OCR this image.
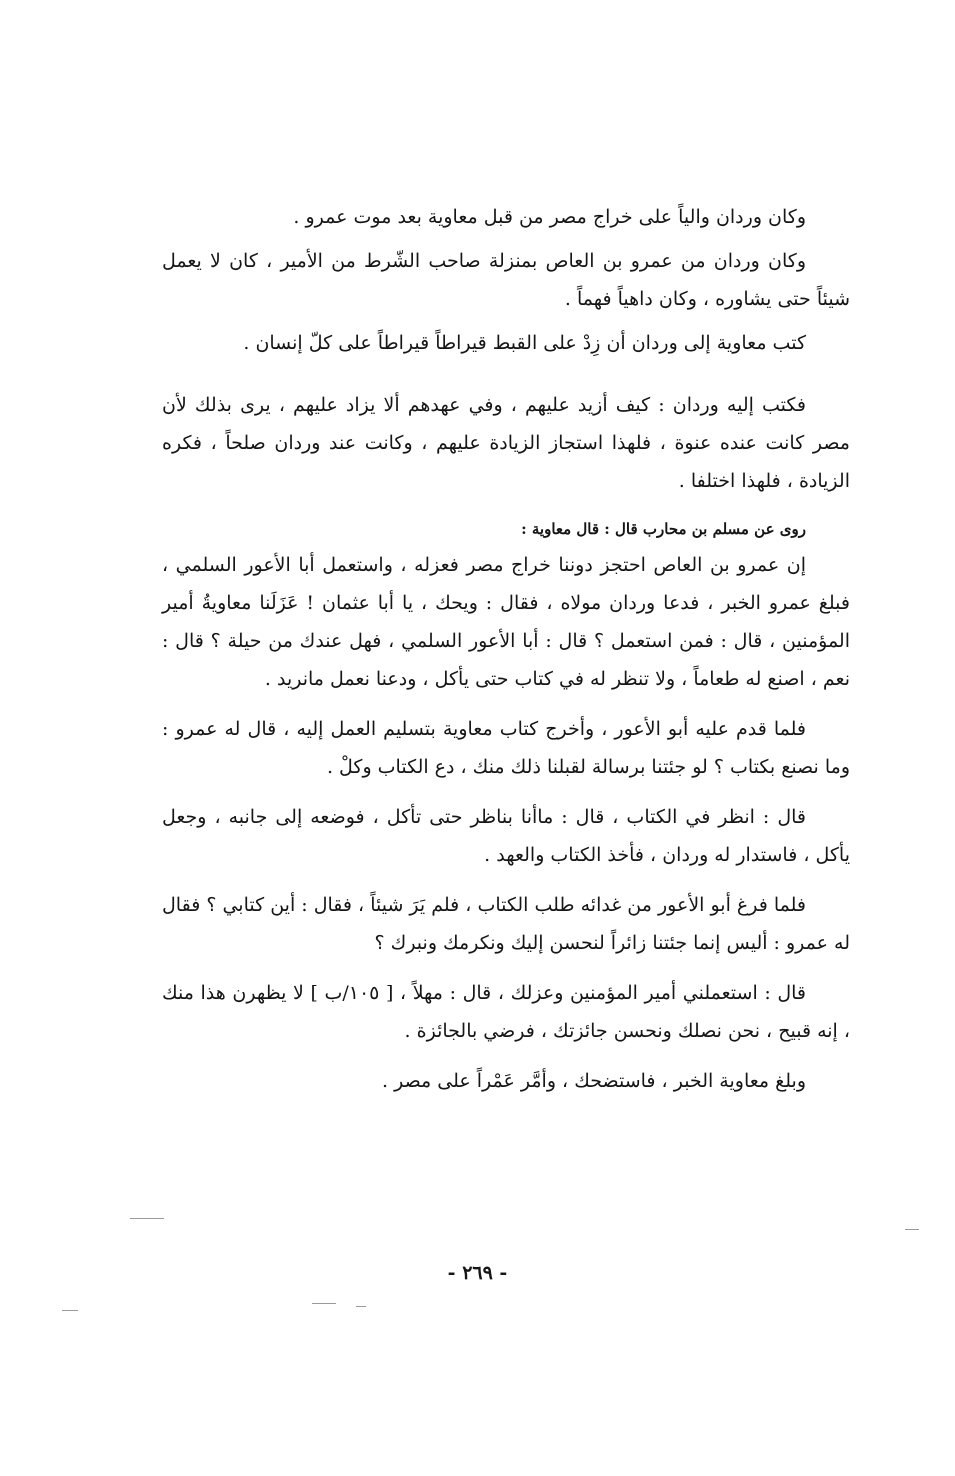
وكان وردان والياً على خراج مصر من قبل معاوية بعد موت عمرو .

وكان وردان من عمرو بن العاص بمنزلة صاحب الشّرط من الأمير ، كان لا يعمل شيئاً حتى يشاوره ، وكان داهياً فهماً .

كتب معاوية إلى وردان أن زِدْ على القبط قيراطاً قيراطاً على كلّ إنسان .

فكتب إليه وردان : كيف أزيد عليهم ، وفي عهدهم ألا يزاد عليهم ، يرى بذلك لأن مصر كانت عنده عنوة ، فلهذا استجاز الزيادة عليهم ، وكانت عند وردان صلحاً ، فكره الزيادة ، فلهذا اختلفا .

روى عن مسلم بن محارب قال : قال معاوية :

إن عمرو بن العاص احتجز دوننا خراج مصر فعزله ، واستعمل أبا الأعور السلمي ، فبلغ عمرو الخبر ، فدعا وردان مولاه ، فقال : ويحك ، يا أبا عثمان ! عَزَلَنا معاويةُ أمير المؤمنين ، قال : فمن استعمل ؟ قال : أبا الأعور السلمي ، فهل عندك من حيلة ؟ قال : نعم ، اصنع له طعاماً ، ولا تنظر له في كتاب حتى يأكل ، ودعنا نعمل مانريد .

فلما قدم عليه أبو الأعور ، وأخرج كتاب معاوية بتسليم العمل إليه ، قال له عمرو : وما نصنع بكتاب ؟ لو جئتنا برسالة لقبلنا ذلك منك ، دع الكتاب وكلْ .

قال : انظر في الكتاب ، قال : ماأنا بناظر حتى تأكل ، فوضعه إلى جانبه ، وجعل يأكل ، فاستدار له وردان ، فأخذ الكتاب والعهد .

فلما فرغ أبو الأعور من غدائه طلب الكتاب ، فلم يَرَ شيئاً ، فقال : أين كتابي ؟ فقال له عمرو : أليس إنما جئتنا زائراً لنحسن إليك ونكرمك ونبرك ؟

قال : استعملني أمير المؤمنين وعزلك ، قال : مهلاً ، [ ١٠٥/ب ] لا يظهرن هذا منك ، إنه قبيح ، نحن نصلك ونحسن جائزتك ، فرضي بالجائزة .

وبلغ معاوية الخبر ، فاستضحك ، وأمَّر عَمْراً على مصر .

- ٢٦٩ -
